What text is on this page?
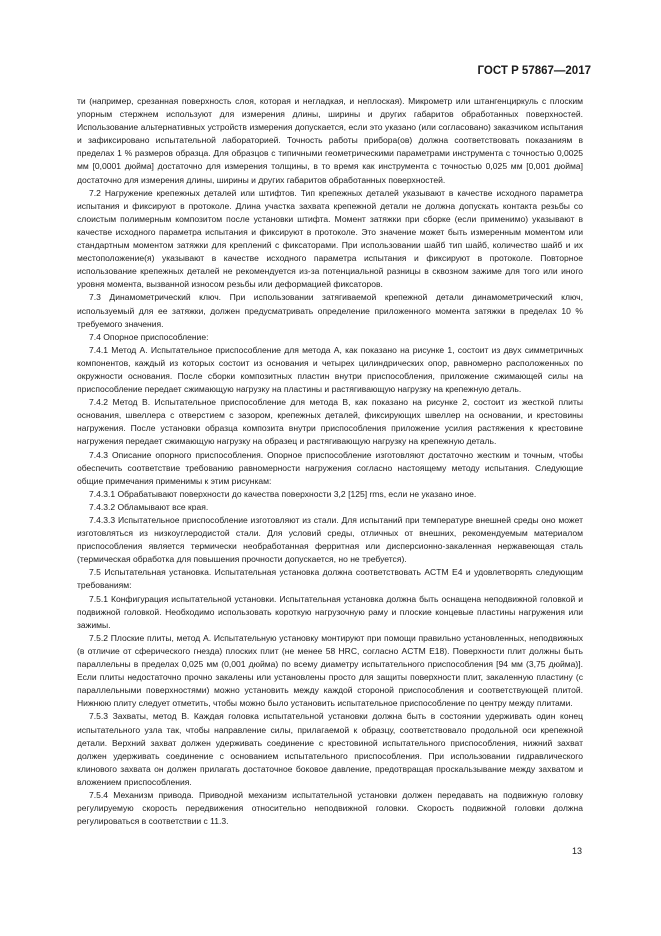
ГОСТ Р 57867—2017

ти (например, срезанная поверхность слоя, которая и негладкая, и неплоская). Микрометр или штангенциркуль с плоским упорным стержнем используют для измерения длины, ширины и других габаритов обработанных поверхностей. Использование альтернативных устройств измерения допускается, если это указано (или согласовано) заказчиком испытания и зафиксировано испытательной лабораторией. Точность работы прибора(ов) должна соответствовать показаниям в пределах 1 % размеров образца. Для образцов с типичными геометрическими параметрами инструмента с точностью 0,0025 мм [0,0001 дюйма] достаточно для измерения толщины, в то время как инструмента с точностью 0,025 мм [0,001 дюйма] достаточно для измерения длины, ширины и других габаритов обработанных поверхностей.

7.2 Нагружение крепежных деталей или штифтов. Тип крепежных деталей указывают в качестве исходного параметра испытания и фиксируют в протоколе. Длина участка захвата крепежной детали не должна допускать контакта резьбы со слоистым полимерным композитом после установки штифта. Момент затяжки при сборке (если применимо) указывают в качестве исходного параметра испытания и фиксируют в протоколе. Это значение может быть измеренным моментом или стандартным моментом затяжки для креплений с фиксаторами. При использовании шайб тип шайб, количество шайб и их местоположение(я) указывают в качестве исходного параметра испытания и фиксируют в протоколе. Повторное использование крепежных деталей не рекомендуется из-за потенциальной разницы в сквозном зажиме для того или иного уровня момента, вызванной износом резьбы или деформацией фиксаторов.

7.3 Динамометрический ключ. При использовании затягиваемой крепежной детали динамометрический ключ, используемый для ее затяжки, должен предусматривать определение приложенного момента затяжки в пределах 10 % требуемого значения.

7.4 Опорное приспособление:

7.4.1 Метод А. Испытательное приспособление для метода А, как показано на рисунке 1, состоит из двух симметричных компонентов, каждый из которых состоит из основания и четырех цилиндрических опор, равномерно расположенных по окружности основания. После сборки композитных пластин внутри приспособления, приложение сжимающей силы на приспособление передает сжимающую нагрузку на пластины и растягивающую нагрузку на крепежную деталь.

7.4.2 Метод В. Испытательное приспособление для метода В, как показано на рисунке 2, состоит из жесткой плиты основания, швеллера с отверстием с зазором, крепежных деталей, фиксирующих швеллер на основании, и крестовины нагружения. После установки образца композита внутри приспособления приложение усилия растяжения к крестовине нагружения передает сжимающую нагрузку на образец и растягивающую нагрузку на крепежную деталь.

7.4.3 Описание опорного приспособления. Опорное приспособление изготовляют достаточно жестким и точным, чтобы обеспечить соответствие требованию равномерности нагружения согласно настоящему методу испытания. Следующие общие примечания применимы к этим рисункам:

7.4.3.1 Обрабатывают поверхности до качества поверхности 3,2 [125] rms, если не указано иное.

7.4.3.2 Обламывают все края.

7.4.3.3 Испытательное приспособление изготовляют из стали. Для испытаний при температуре внешней среды оно может изготовляться из низкоуглеродистой стали. Для условий среды, отличных от внешних, рекомендуемым материалом приспособления является термически необработанная ферритная или дисперсионно-закаленная нержавеющая сталь (термическая обработка для повышения прочности допускается, но не требуется).

7.5 Испытательная установка. Испытательная установка должна соответствовать ACTM E4 и удовлетворять следующим требованиям:

7.5.1 Конфигурация испытательной установки. Испытательная установка должна быть оснащена неподвижной головкой и подвижной головкой. Необходимо использовать короткую нагрузочную раму и плоские концевые пластины нагружения или зажимы.

7.5.2 Плоские плиты, метод А. Испытательную установку монтируют при помощи правильно установленных, неподвижных (в отличие от сферического гнезда) плоских плит (не менее 58 HRC, согласно ACTM E18). Поверхности плит должны быть параллельны в пределах 0,025 мм (0,001 дюйма) по всему диаметру испытательного приспособления [94 мм (3,75 дюйма)]. Если плиты недостаточно прочно закалены или установлены просто для защиты поверхности плит, закаленную пластину (с параллельными поверхностями) можно установить между каждой стороной приспособления и соответствующей плитой. Нижнюю плиту следует отметить, чтобы можно было установить испытательное приспособление по центру между плитами.

7.5.3 Захваты, метод В. Каждая головка испытательной установки должна быть в состоянии удерживать один конец испытательного узла так, чтобы направление силы, прилагаемой к образцу, соответствовало продольной оси крепежной детали. Верхний захват должен удерживать соединение с крестовиной испытательного приспособления, нижний захват должен удерживать соединение с основанием испытательного приспособления. При использовании гидравлического клинового захвата он должен прилагать достаточное боковое давление, предотвращая проскальзывание между захватом и вложением приспособления.

7.5.4 Механизм привода. Приводной механизм испытательной установки должен передавать на подвижную головку регулируемую скорость передвижения относительно неподвижной головки. Скорость подвижной головки должна регулироваться в соответствии с 11.3.

13
